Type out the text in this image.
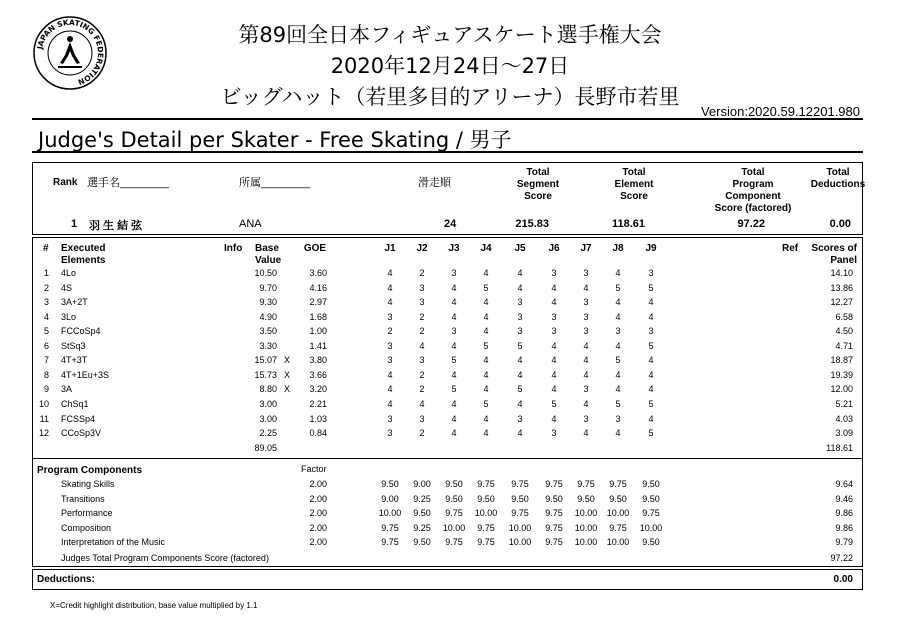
JAPAN SKATING FEDERATION
第89回全日本フィギュアスケート選手権大会
2020年12月24日～27日
ビッグハット（若里多目的アリーナ）長野市若里
Version:2020.59.12201.980
Judge's Detail per Skater - Free Skating / 男子
Rank 選手名________	所属________	滑走順
Total
Segment
Score
Total
Element
Score
Total
Program
Component
Score (factored)
Total
Deductions
1 羽 生 結 弦	ANA	24	215.83	118.61	97.22	0.00
# Executed
Elements
Info Base
Value
GOE	J1	J2	J3	J4	J5	J6	J7	J8	J9	Ref	Scores of
Panel
1 4Lo	10.50	3.60	4	2	3	4	4	3	3	4	3	14.10
2 4S	9.70	4.16	4	3	4	5	4	4	4	5	5	13.86
3 3A+2T	9.30	2.97	4	3	4	4	3	4	3	4	4	12.27
4 3Lo	4.90	1.68	3	2	4	4	3	3	3	4	4	6.58
5 FCCoSp4	3.50	1.00	2	2	3	4	3	3	3	3	3	4.50
6 StSq3	3.30	1.41	3	4	4	5	5	4	4	4	5	4.71
7 4T+3T	15.07 X	3.80	3	3	5	4	4	4	4	5	4	18.87
8 4T+1Eu+3S	15.73 X	3.66	4	2	4	4	4	4	4	4	4	19.39
9 3A	8.80 X	3.20	4	2	5	4	5	4	3	4	4	12.00
10 ChSq1	3.00	2.21	4	4	4	5	4	5	4	5	5	5.21
11 FCSSp4	3.00	1.03	3	3	4	4	3	4	3	3	4	4.03
12 CCoSp3V	2.25	0.84	3	2	4	4	4	3	4	4	5	3.09
89.05	118.61
Program Components	Factor
Skating Skills	2.00	9.50	9.00	9.50	9.75	9.75	9.75	9.75	9.75	9.50	9.64
Transitions	2.00	9.00	9.25	9.50	9.50	9.50	9.50	9.50	9.50	9.50	9.46
Performance	2.00	10.00	9.50	9.75	10.00	9.75	9.75	10.00	10.00	9.75	9.86
Composition	2.00	9.75	9.25	10.00	9.75	10.00	9.75	10.00	9.75	10.00	9.86
Interpretation of the Music	2.00	9.75	9.50	9.75	9.75	10.00	9.75	10.00	10.00	9.50	9.79
Judges Total Program Components Score (factored)	97.22
Deductions:	0.00
X=Credit highlight distribution, base value multiplied by 1.1
